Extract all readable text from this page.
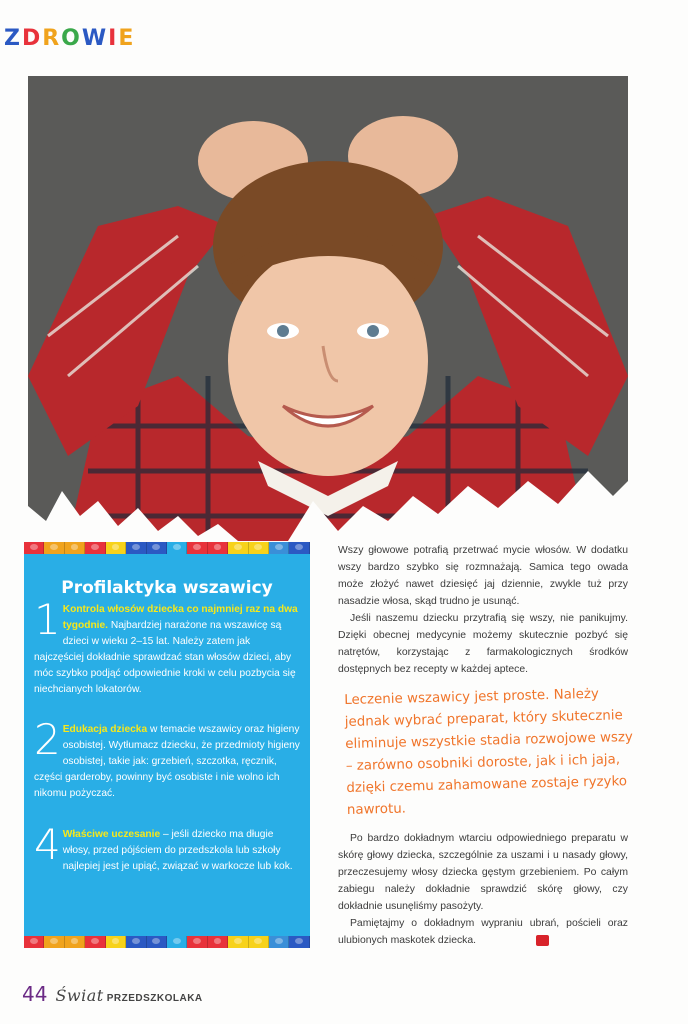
ZDROWIE
Profilaktyka wszawicy
1 Kontrola włosów dziecka co najmniej raz na dwa tygodnie. Najbardziej narażone na wszawicę są dzieci w wieku 2–15 lat. Należy zatem jak najczęściej dokładnie sprawdzać stan włosów dzieci, aby móc szybko podjąć odpowiednie kroki w celu pozbycia się niechcianych lokatorów.
2 Edukacja dziecka w temacie wszawicy oraz higieny osobistej. Wytłumacz dziecku, że przedmioty higieny osobistej, takie jak: grzebień, szczotka, ręcznik, części garderoby, powinny być osobiste i nie wolno ich nikomu pożyczać.
4 Właściwe uczesanie – jeśli dziecko ma długie włosy, przed pójściem do przedszkola lub szkoły najlepiej jest je upiąć, związać w warkocze lub kok.

Wszy głowowe potrafią przetrwać mycie włosów. W dodatku wszy bardzo szybko się rozmnażają. Samica tego owada może złożyć nawet dziesięć jaj dziennie, zwykle tuż przy nasadzie włosa, skąd trudno je usunąć.

Jeśli naszemu dziecku przytrafią się wszy, nie panikujmy. Dzięki obecnej medycynie możemy skutecznie pozbyć się natrętów, korzystając z farmakologicznych środków dostępnych bez recepty w każdej aptece.

Leczenie wszawicy jest proste. Należy jednak wybrać preparat, który skutecznie eliminuje wszystkie stadia rozwojowe wszy – zarówno osobniki doroste, jak i ich jaja, dzięki czemu zahamowane zostaje ryzyko nawrotu.

Po bardzo dokładnym wtarciu odpowiedniego preparatu w skórę głowy dziecka, szczególnie za uszami i u nasady głowy, przeczesujemy włosy dziecka gęstym grzebieniem. Po całym zabiegu należy dokładnie sprawdzić skórę głowy, czy dokładnie usunęliśmy pasożyty.

Pamiętajmy o dokładnym wypraniu ubrań, pościeli oraz ulubionych maskotek dziecka.

44 Świat PRZEDSZKOLAKA
